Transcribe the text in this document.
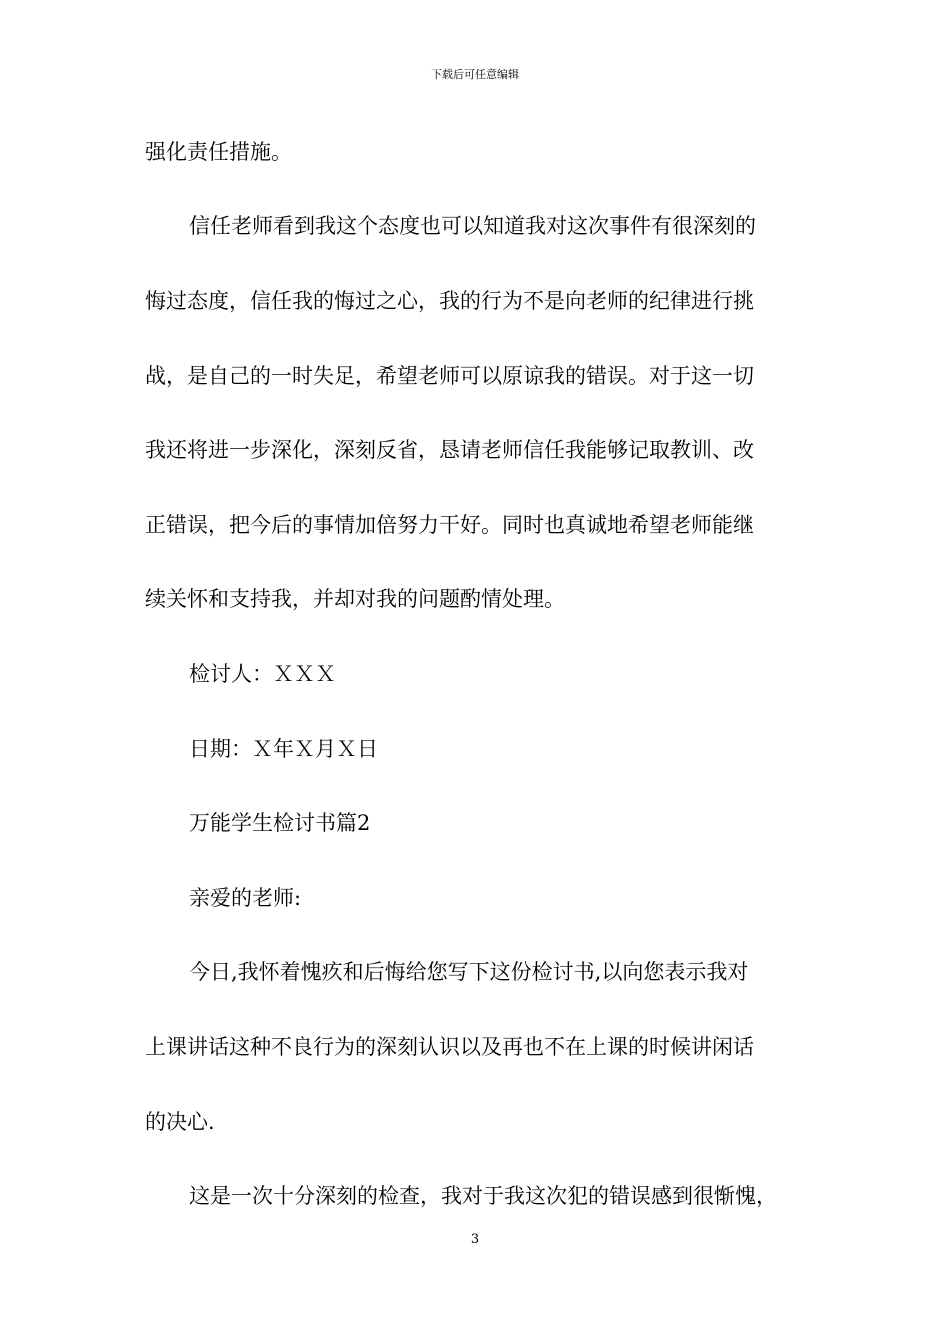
下载后可任意编辑
强化责任措施。
信任老师看到我这个态度也可以知道我对这次事件有很深刻的
悔过态度，信任我的悔过之心，我的行为不是向老师的纪律进行挑
战，是自己的一时失足，希望老师可以原谅我的错误。对于这一切
我还将进一步深化，深刻反省，恳请老师信任我能够记取教训、改
正错误，把今后的事情加倍努力干好。同时也真诚地希望老师能继
续关怀和支持我，并却对我的问题酌情处理。
检讨人：ＸＸＸ
日期：Ｘ年Ｘ月Ｘ日
万能学生检讨书篇2
亲爱的老师:
今日,我怀着愧疚和后悔给您写下这份检讨书,以向您表示我对
上课讲话这种不良行为的深刻认识以及再也不在上课的时候讲闲话
的决心.
这是一次十分深刻的检查，我对于我这次犯的错误感到很惭愧，
3
